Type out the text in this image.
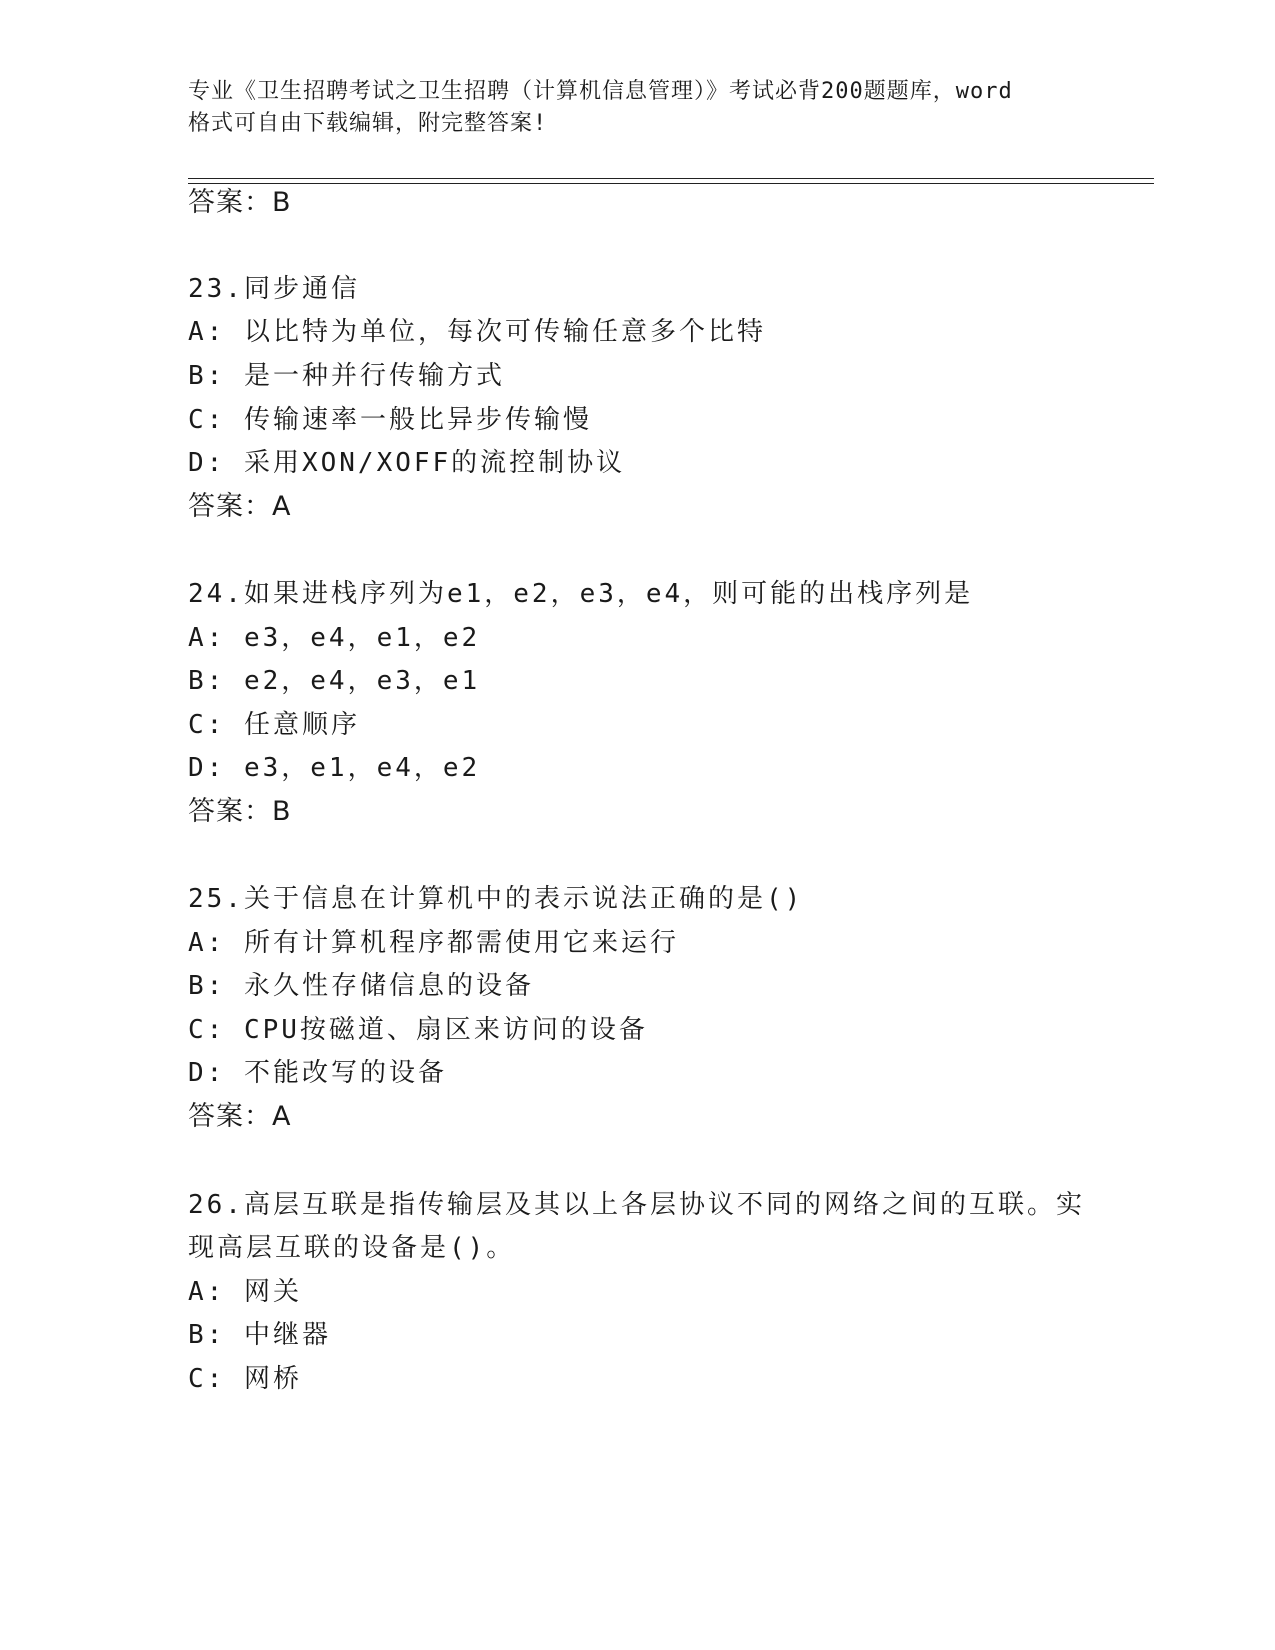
专业《卫生招聘考试之卫生招聘（计算机信息管理）》考试必背200题题库，word
格式可自由下载编辑，附完整答案!
答案：B
23.同步通信
A: 以比特为单位，每次可传输任意多个比特
B: 是一种并行传输方式
C: 传输速率一般比异步传输慢
D: 采用XON/XOFF的流控制协议
答案：A
24.如果进栈序列为e1，e2，e3，e4，则可能的出栈序列是
A: e3，e4，e1，e2
B: e2，e4，e3，e1
C: 任意顺序
D: e3，e1，e4，e2
答案：B
25.关于信息在计算机中的表示说法正确的是()
A: 所有计算机程序都需使用它来运行
B: 永久性存储信息的设备
C: CPU按磁道、扇区来访问的设备
D: 不能改写的设备
答案：A
26.高层互联是指传输层及其以上各层协议不同的网络之间的互联。实
现高层互联的设备是()。
A: 网关
B: 中继器
C: 网桥
